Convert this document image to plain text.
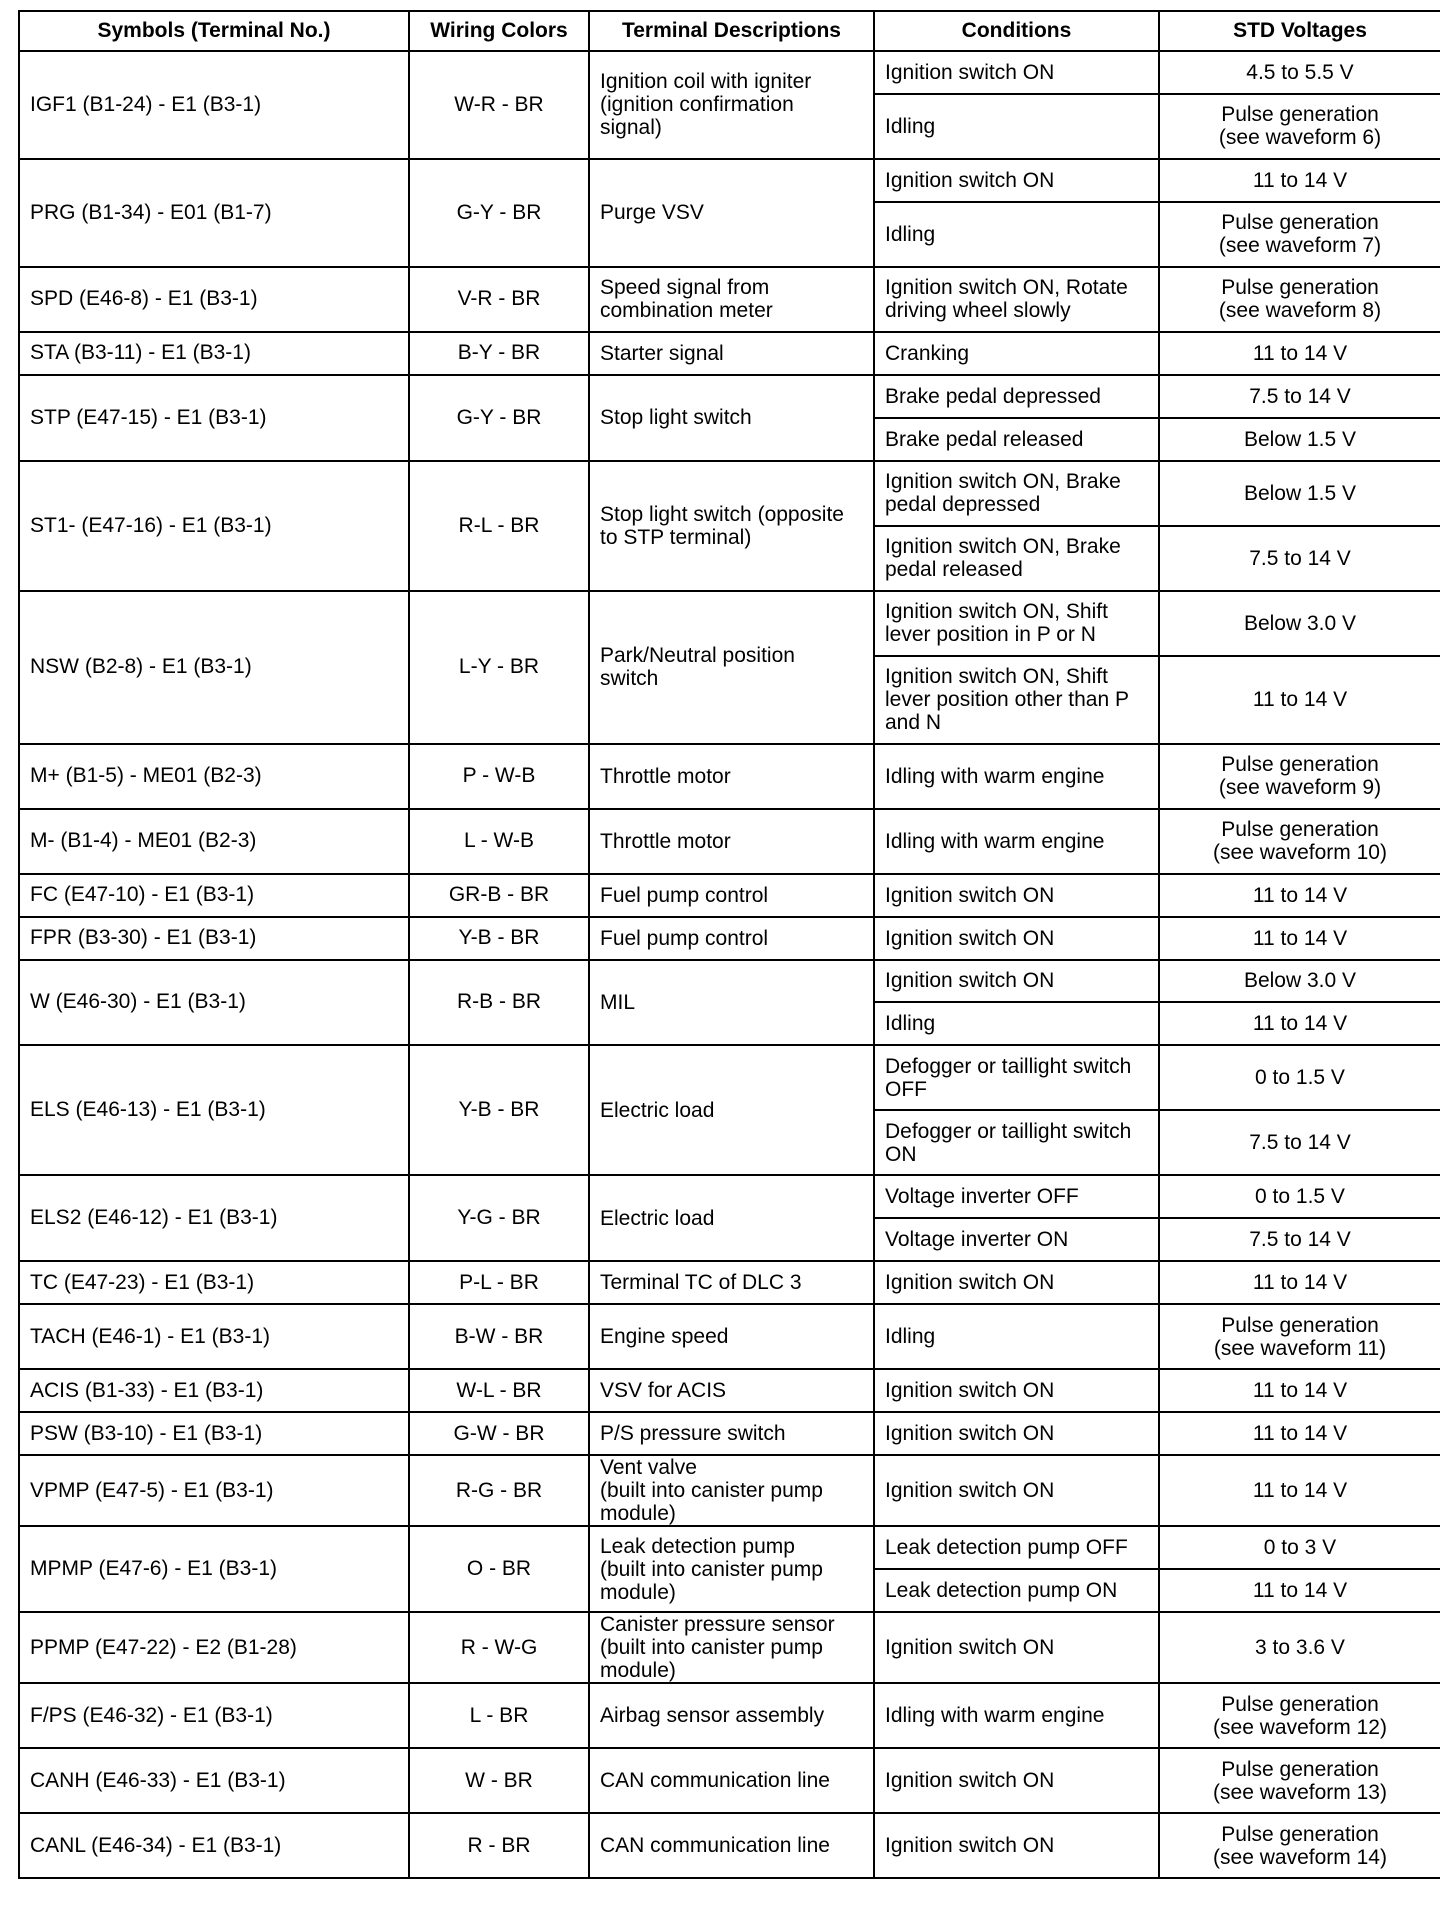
Symbols (Terminal No.)	Wiring Colors	Terminal Descriptions	Conditions	STD Voltages
IGF1 (B1-24) - E1 (B3-1)	W-R - BR	Ignition coil with igniter
(ignition confirmation
signal)	Ignition switch ON	4.5 to 5.5 V

			Idling	Pulse generation
(see waveform 6)

PRG (B1-34) - E01 (B1-7)	G-Y - BR	Purge VSV	Ignition switch ON	11 to 14 V

			Idling	Pulse generation
(see waveform 7)

SPD (E46-8) - E1 (B3-1)	V-R - BR	Speed signal from
combination meter	Ignition switch ON, Rotate
driving wheel slowly	Pulse generation
(see waveform 8)

STA (B3-11) - E1 (B3-1)	B-Y - BR	Starter signal	Cranking	11 to 14 V

STP (E47-15) - E1 (B3-1)	G-Y - BR	Stop light switch	Brake pedal depressed	7.5 to 14 V

			Brake pedal released	Below 1.5 V

ST1- (E47-16) - E1 (B3-1)	R-L - BR	Stop light switch (opposite
to STP terminal)	Ignition switch ON, Brake
pedal depressed	Below 1.5 V

			Ignition switch ON, Brake
pedal released	7.5 to 14 V

NSW (B2-8) - E1 (B3-1)	L-Y - BR	Park/Neutral position
switch	Ignition switch ON, Shift
lever position in P or N	Below 3.0 V

			Ignition switch ON, Shift
lever position other than P
and N	11 to 14 V

M+ (B1-5) - ME01 (B2-3)	P - W-B	Throttle motor	Idling with warm engine	Pulse generation
(see waveform 9)

M- (B1-4) - ME01 (B2-3)	L - W-B	Throttle motor	Idling with warm engine	Pulse generation
(see waveform 10)

FC (E47-10) - E1 (B3-1)	GR-B - BR	Fuel pump control	Ignition switch ON	11 to 14 V

FPR (B3-30) - E1 (B3-1)	Y-B - BR	Fuel pump control	Ignition switch ON	11 to 14 V

W (E46-30) - E1 (B3-1)	R-B - BR	MIL	Ignition switch ON	Below 3.0 V

			Idling	11 to 14 V

ELS (E46-13) - E1 (B3-1)	Y-B - BR	Electric load	Defogger or taillight switch
OFF	0 to 1.5 V

			Defogger or taillight switch
ON	7.5 to 14 V

ELS2 (E46-12) - E1 (B3-1)	Y-G - BR	Electric load	Voltage inverter OFF	0 to 1.5 V

			Voltage inverter ON	7.5 to 14 V

TC (E47-23) - E1 (B3-1)	P-L - BR	Terminal TC of DLC 3	Ignition switch ON	11 to 14 V

TACH (E46-1) - E1 (B3-1)	B-W - BR	Engine speed	Idling	Pulse generation
(see waveform 11)

ACIS (B1-33) - E1 (B3-1)	W-L - BR	VSV for ACIS	Ignition switch ON	11 to 14 V

PSW (B3-10) - E1 (B3-1)	G-W - BR	P/S pressure switch	Ignition switch ON	11 to 14 V

VPMP (E47-5) - E1 (B3-1)	R-G - BR	Vent valve
(built into canister pump
module)	Ignition switch ON	11 to 14 V

MPMP (E47-6) - E1 (B3-1)	O - BR	Leak detection pump
(built into canister pump
module)	Leak detection pump OFF	0 to 3 V

			Leak detection pump ON	11 to 14 V

PPMP (E47-22) - E2 (B1-28)	R - W-G	Canister pressure sensor
(built into canister pump
module)	Ignition switch ON	3 to 3.6 V

F/PS (E46-32) - E1 (B3-1)	L - BR	Airbag sensor assembly	Idling with warm engine	Pulse generation
(see waveform 12)

CANH (E46-33) - E1 (B3-1)	W - BR	CAN communication line	Ignition switch ON	Pulse generation
(see waveform 13)

CANL (E46-34) - E1 (B3-1)	R - BR	CAN communication line	Ignition switch ON	Pulse generation
(see waveform 14)
